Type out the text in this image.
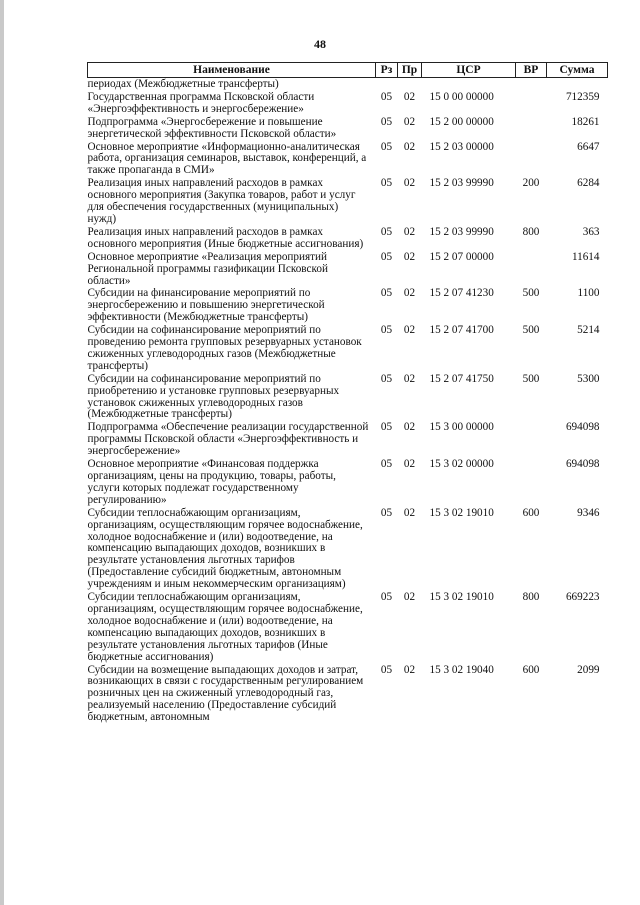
48
Наименование	Рз	Пр	ЦСР	ВР	Сумма
периодах (Межбюджетные трансферты)					
Государственная программа Псковской области «Энергоэффективность и энергосбережение»	05	02	15 0 00 00000		712359
Подпрограмма «Энергосбережение и повышение энергетической эффективности Псковской области»	05	02	15 2 00 00000		18261
Основное мероприятие «Информационно-аналитическая работа, организация семинаров, выставок, конференций, а также пропаганда в СМИ»	05	02	15 2 03 00000		6647
Реализация иных направлений расходов в рамках основного мероприятия (Закупка товаров, работ и услуг для обеспечения государственных (муниципальных) нужд)	05	02	15 2 03 99990	200	6284
Реализация иных направлений расходов в рамках основного мероприятия (Иные бюджетные ассигнования)	05	02	15 2 03 99990	800	363
Основное мероприятие «Реализация мероприятий Региональной программы газификации Псковской области»	05	02	15 2 07 00000		11614
Субсидии на финансирование мероприятий по энергосбережению и повышению энергетической эффективности (Межбюджетные трансферты)	05	02	15 2 07 41230	500	1100
Субсидии на софинансирование мероприятий по проведению ремонта групповых резервуарных установок сжиженных углеводородных газов (Межбюджетные трансферты)	05	02	15 2 07 41700	500	5214
Субсидии на софинансирование мероприятий по приобретению и установке групповых резервуарных установок сжиженных углеводородных газов (Межбюджетные трансферты)	05	02	15 2 07 41750	500	5300
Подпрограмма «Обеспечение реализации государственной программы Псковской области «Энергоэффективность и энергосбережение»	05	02	15 3 00 00000		694098
Основное мероприятие «Финансовая поддержка организациям, цены на продукцию, товары, работы, услуги которых подлежат государственному регулированию»	05	02	15 3 02 00000		694098
Субсидии теплоснабжающим организациям, организациям, осуществляющим горячее водоснабжение, холодное водоснабжение и (или) водоотведение, на компенсацию выпадающих доходов, возникших в результате установления льготных тарифов (Предоставление субсидий бюджетным, автономным учреждениям и иным некоммерческим организациям)	05	02	15 3 02 19010	600	9346
Субсидии теплоснабжающим организациям, организациям, осуществляющим горячее водоснабжение, холодное водоснабжение и (или) водоотведение, на компенсацию выпадающих доходов, возникших в результате установления льготных тарифов (Иные бюджетные ассигнования)	05	02	15 3 02 19010	800	669223
Субсидии на возмещение выпадающих доходов и затрат, возникающих в связи с государственным регулированием розничных цен на сжиженный углеводородный газ, реализуемый населению (Предоставление субсидий бюджетным, автономным	05	02	15 3 02 19040	600	2099
